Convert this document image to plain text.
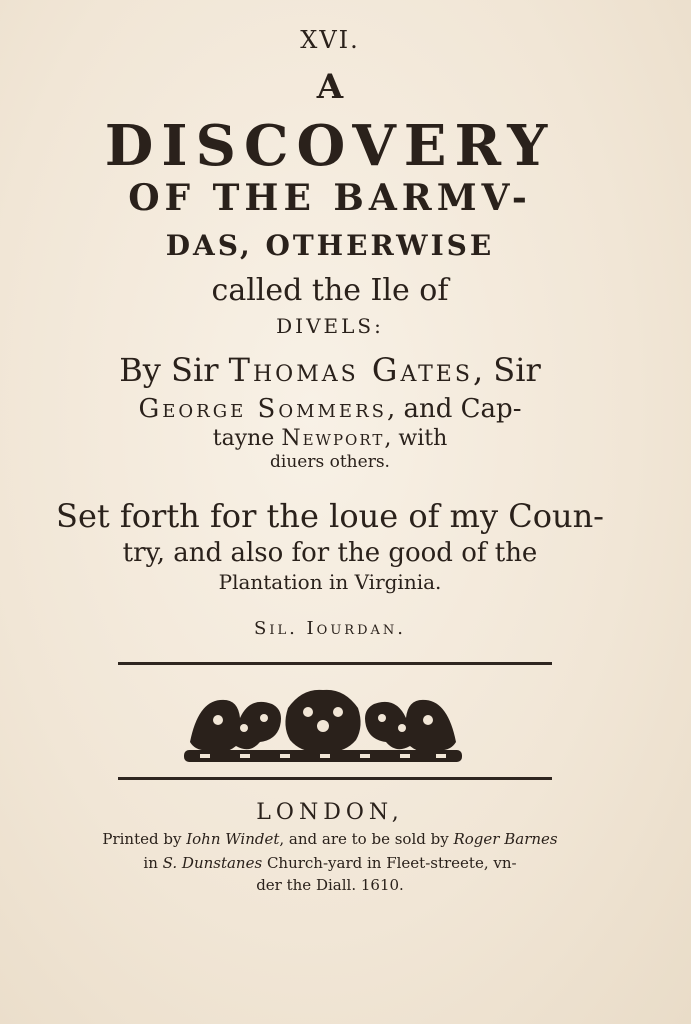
XVI.
A
DISCOVERY
OF THE BARMV-
DAS, OTHERWISE
called the Ile of
DIVELS:
By Sir Thomas Gates, Sir
George Sommers, and Cap-
tayne Newport, with
diuers others.
Set forth for the loue of my Coun-
try, and also for the good of the
Plantation in Virginia.
Sil. Iourdan.
LONDON,
Printed by Iohn Windet, and are to be sold by Roger Barnes
in S. Dunstanes Church-yard in Fleet-streete, vn-
der the Diall. 1610.
